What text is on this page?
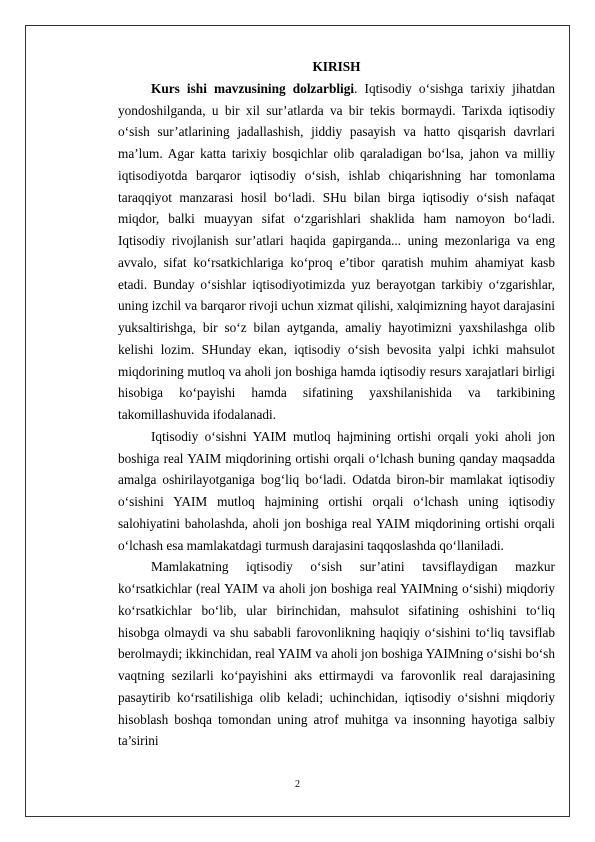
KIRISH

Kurs ishi mavzusining dolzarbligi. Iqtisodiy o‘sishga tarixiy jihatdan yondoshilganda, u bir xil sur’atlarda va bir tekis bormaydi. Tarixda iqtisodiy o‘sish sur’atlarining jadallashish, jiddiy pasayish va hatto qisqarish davrlari ma’lum. Agar katta tarixiy bosqichlar olib qaraladigan bo‘lsa, jahon va milliy iqtisodiyotda barqaror iqtisodiy o‘sish, ishlab chiqarishning har tomonlama taraqqiyot manzarasi hosil bo‘ladi. SHu bilan birga iqtisodiy o‘sish nafaqat miqdor, balki muayyan sifat o‘zgarishlari shaklida ham namoyon bo‘ladi. Iqtisodiy rivojlanish sur’atlari haqida gapirganda... uning mezonlariga va eng avvalo, sifat ko‘rsatkichlariga ko‘proq e’tibor qaratish muhim ahamiyat kasb etadi. Bunday o‘sishlar iqtisodiyotimizda yuz berayotgan tarkibiy o‘zgarishlar, uning izchil va barqaror rivoji uchun xizmat qilishi, xalqimizning hayot darajasini yuksaltirishga, bir so‘z bilan aytganda, amaliy hayotimizni yaxshilashga olib kelishi lozim. SHunday ekan, iqtisodiy o‘sish bevosita yalpi ichki mahsulot miqdorining mutloq va aholi jon boshiga hamda iqtisodiy resurs xarajatlari birligi hisobiga ko‘payishi hamda sifatining yaxshilanishida va tarkibining takomillashuvida ifodalanadi.

Iqtisodiy o‘sishni YAIM mutloq hajmining ortishi orqali yoki aholi jon boshiga real YAIM miqdorining ortishi orqali o‘lchash buning qanday maqsadda amalga oshirilayotganiga bog‘liq bo‘ladi. Odatda biron-bir mamlakat iqtisodiy o‘sishini YAIM mutloq hajmining ortishi orqali o‘lchash uning iqtisodiy salohiyatini baholashda, aholi jon boshiga real YAIM miqdorining ortishi orqali o‘lchash esa mamlakatdagi turmush darajasini taqqoslashda qo‘llaniladi.

Mamlakatning iqtisodiy o‘sish sur’atini tavsiflaydigan mazkur ko‘rsatkichlar (real YAIM va aholi jon boshiga real YAIMning o‘sishi) miqdoriy ko‘rsatkichlar bo‘lib, ular birinchidan, mahsulot sifatining oshishini to‘liq hisobga olmaydi va shu sababli farovonlikning haqiqiy o‘sishini to‘liq tavsiflab berolmaydi; ikkinchidan, real YAIM va aholi jon boshiga YAIMning o‘sishi bo‘sh vaqtning sezilarli ko‘payishini aks ettirmaydi va farovonlik real darajasining pasaytirib ko‘rsatilishiga olib keladi; uchinchidan, iqtisodiy o‘sishni miqdoriy hisoblash boshqa tomondan uning atrof muhitga va insonning hayotiga salbiy ta’sirini

2
